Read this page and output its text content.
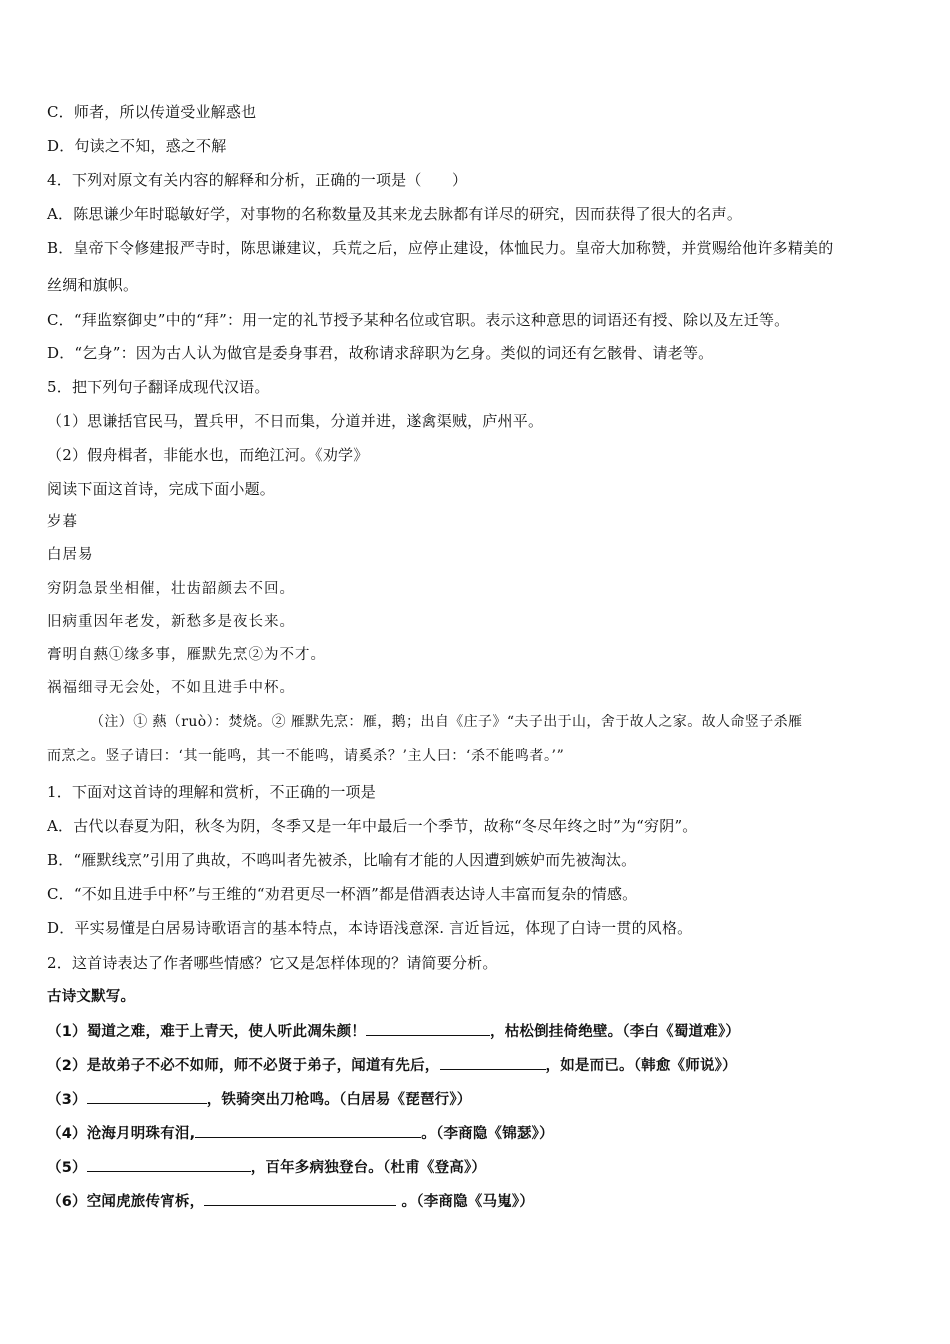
C．师者，所以传道受业解惑也
D．句读之不知，惑之不解
4．下列对原文有关内容的解释和分析，正确的一项是（　　）
A．陈思谦少年时聪敏好学，对事物的名称数量及其来龙去脉都有详尽的研究，因而获得了很大的名声。
B．皇帝下令修建报严寺时，陈思谦建议，兵荒之后，应停止建设，体恤民力。皇帝大加称赞，并赏赐给他许多精美的
丝绸和旗帜。
C．“拜监察御史”中的“拜”：用一定的礼节授予某种名位或官职。表示这种意思的词语还有授、除以及左迁等。
D．“乞身”：因为古人认为做官是委身事君，故称请求辞职为乞身。类似的词还有乞骸骨、请老等。
5．把下列句子翻译成现代汉语。
（1）思谦括官民马，置兵甲，不日而集，分道并进，遂禽渠贼，庐州平。
（2）假舟楫者，非能水也，而绝江河。《劝学》
阅读下面这首诗，完成下面小题。
岁暮
白居易
穷阴急景坐相催，壮齿韶颜去不回。
旧病重因年老发，新愁多是夜长来。
膏明自爇①缘多事，雁默先烹②为不才。
祸福细寻无会处，不如且进手中杯。
（注）① 爇（ruò）：焚烧。② 雁默先烹：雁，鹅；出自《庄子》“夫子出于山，舍于故人之家。故人命竖子杀雁
而烹之。竖子请曰：‘其一能鸣，其一不能鸣，请奚杀？’主人曰：‘杀不能鸣者。’”
1．下面对这首诗的理解和赏析，不正确的一项是
A．古代以春夏为阳，秋冬为阴，冬季又是一年中最后一个季节，故称“冬尽年终之时”为“穷阴”。
B．“雁默线烹”引用了典故，不鸣叫者先被杀，比喻有才能的人因遭到嫉妒而先被淘汰。
C．“不如且进手中杯”与王维的“劝君更尽一杯酒”都是借酒表达诗人丰富而复杂的情感。
D．平实易懂是白居易诗歌语言的基本特点，本诗语浅意深. 言近旨远，体现了白诗一贯的风格。
2．这首诗表达了作者哪些情感？它又是怎样体现的？请简要分析。
古诗文默写。
（1）蜀道之难，难于上青天，使人听此凋朱颜！	，枯松倒挂倚绝壁。（李白《蜀道难》）
（2）是故弟子不必不如师，师不必贤于弟子，闻道有先后，	，如是而已。（韩愈《师说》）
（3）	，铁骑突出刀枪鸣。（白居易《琵琶行》）
（4）沧海月明珠有泪,	。（李商隐《锦瑟》）
（5）	，百年多病独登台。（杜甫《登高》）
（6）空闻虎旅传宵柝，	。（李商隐《马嵬》）
